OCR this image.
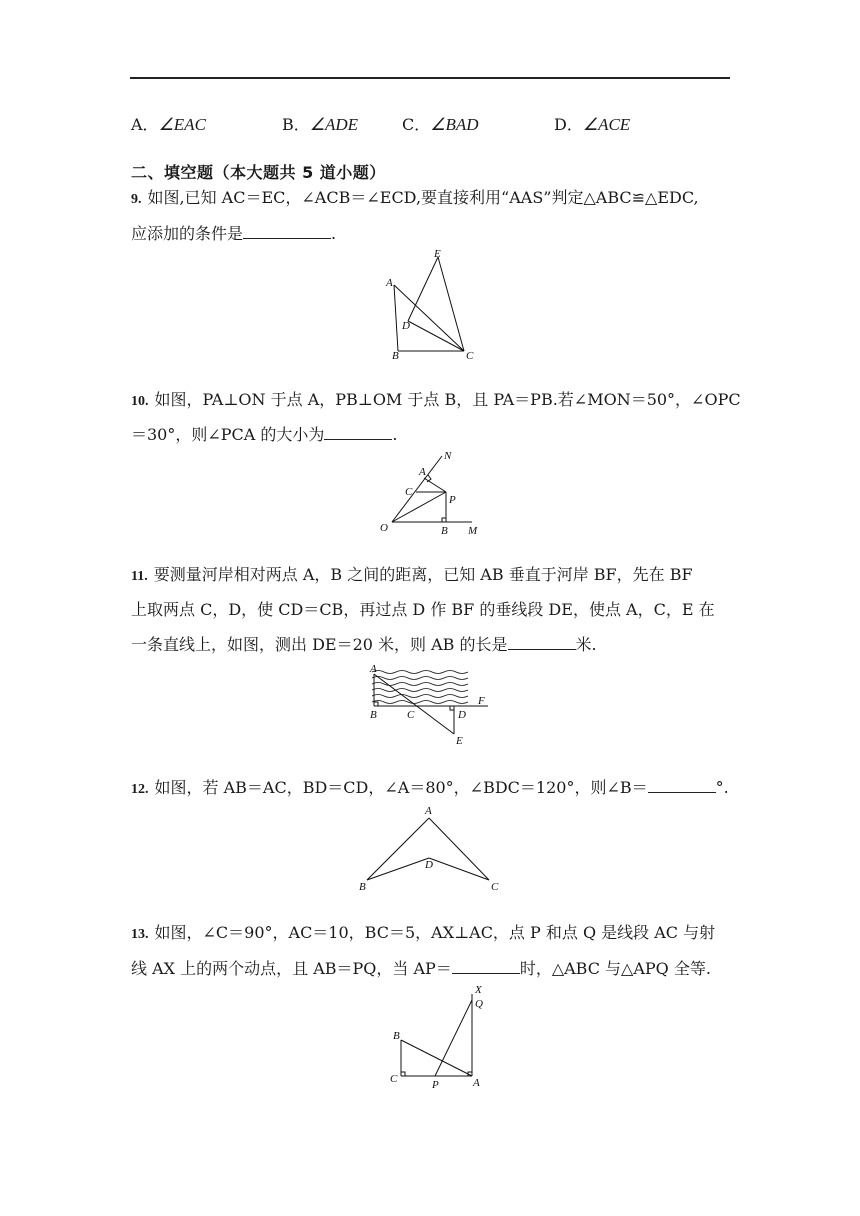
A．∠EAC	B．∠ADE	C．∠BAD	D．∠ACE
二、填空题（本大题共 5 道小题）
9. 如图,已知 AC＝EC，∠ACB＝∠ECD,要直接利用“AAS”判定△ABC≌△EDC,
应添加的条件是	.
E
A
D
B	C
10. 如图，PA⊥ON 于点 A，PB⊥OM 于点 B，且 PA＝PB.若∠MON＝50°，∠OPC
＝30°，则∠PCA 的大小为	.
N
A
C
P
O	B M
11. 要测量河岸相对两点 A，B 之间的距离，已知 AB 垂直于河岸 BF，先在 BF
上取两点 C，D，使 CD＝CB，再过点 D 作 BF 的垂线段 DE，使点 A，C，E 在
一条直线上，如图，测出 DE＝20 米，则 AB 的长是	米.
A
B	C	D
F
E
12. 如图，若 AB＝AC，BD＝CD，∠A＝80°，∠BDC＝120°，则∠B＝	°.
A
D
B	C
13. 如图，∠C＝90°，AC＝10，BC＝5，AX⊥AC，点 P 和点 Q 是线段 AC 与射
线 AX 上的两个动点，且 AB＝PQ，当 AP＝	时，△ABC 与△APQ 全等.
X
Q
B
C	P	A
